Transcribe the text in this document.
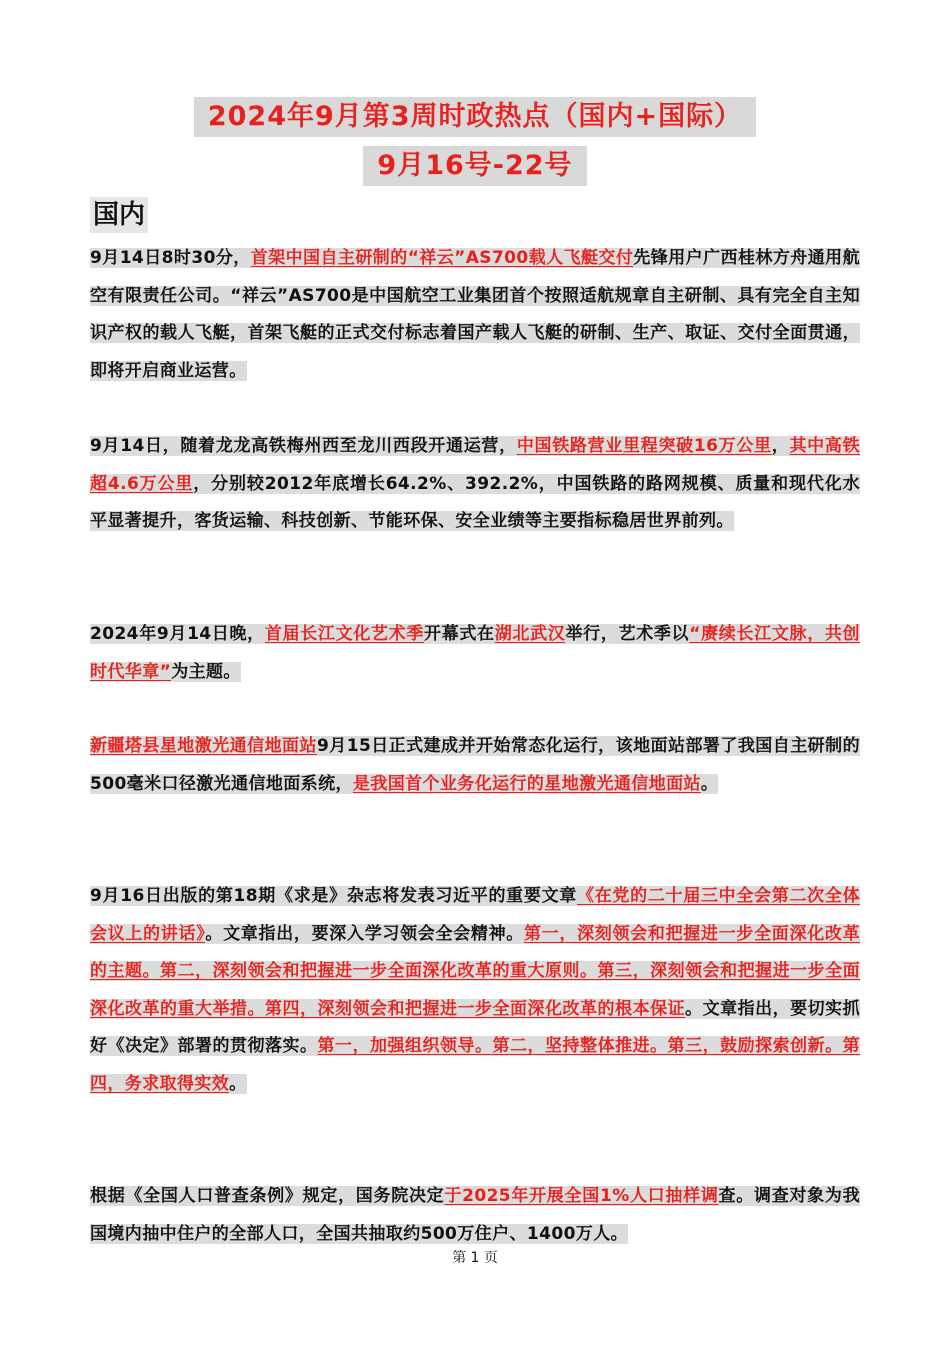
2024年9月第3周时政热点（国内+国际）
9月16号-22号
国内
9月14日8时30分，首架中国自主研制的“祥云”AS700载人飞艇交付先锋用户广西桂林方舟通用航空有限责任公司。“祥云”AS700是中国航空工业集团首个按照适航规章自主研制、具有完全自主知识产权的载人飞艇，首架飞艇的正式交付标志着国产载人飞艇的研制、生产、取证、交付全面贯通，即将开启商业运营。
9月14日，随着龙龙高铁梅州西至龙川西段开通运营，中国铁路营业里程突破16万公里，其中高铁超4.6万公里，分别较2012年底增长64.2%、392.2%，中国铁路的路网规模、质量和现代化水平显著提升，客货运输、科技创新、节能环保、安全业绩等主要指标稳居世界前列。
2024年9月14日晚，首届长江文化艺术季开幕式在湖北武汉举行，艺术季以“赓续长江文脉，共创时代华章”为主题。
新疆塔县星地激光通信地面站9月15日正式建成并开始常态化运行，该地面站部署了我国自主研制的500毫米口径激光通信地面系统，是我国首个业务化运行的星地激光通信地面站。
9月16日出版的第18期《求是》杂志将发表习近平的重要文章《在党的二十届三中全会第二次全体会议上的讲话》。文章指出，要深入学习领会全会精神。第一，深刻领会和把握进一步全面深化改革的主题。第二，深刻领会和把握进一步全面深化改革的重大原则。第三，深刻领会和把握进一步全面深化改革的重大举措。第四，深刻领会和把握进一步全面深化改革的根本保证。文章指出，要切实抓好《决定》部署的贯彻落实。第一，加强组织领导。第二，坚持整体推进。第三，鼓励探索创新。第四，务求取得实效。
根据《全国人口普查条例》规定，国务院决定于2025年开展全国1%人口抽样调查。调查对象为我国境内抽中住户的全部人口，全国共抽取约500万住户、1400万人。
第 1 页
